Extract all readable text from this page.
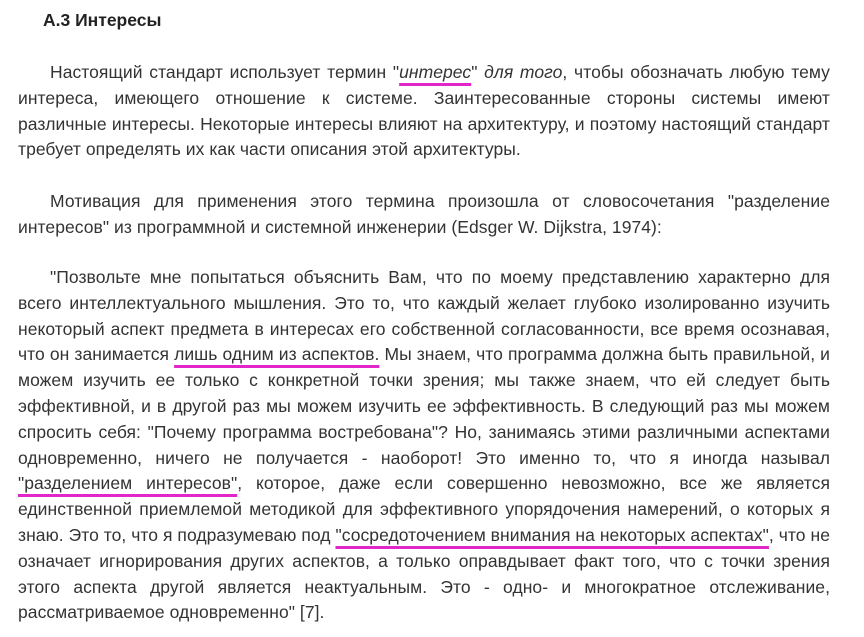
А.3 Интересы

Настоящий стандарт использует термин "интерес" для того, чтобы обозначать любую тему интереса, имеющего отношение к системе. Заинтересованные стороны системы имеют различные интересы. Некоторые интересы влияют на архитектуру, и поэтому настоящий стандарт требует определять их как части описания этой архитектуры.

Мотивация для применения этого термина произошла от словосочетания "разделение интересов" из программной и системной инженерии (Edsger W. Dijkstra, 1974):

"Позвольте мне попытаться объяснить Вам, что по моему представлению характерно для всего интеллектуального мышления. Это то, что каждый желает глубоко изолированно изучить некоторый аспект предмета в интересах его собственной согласованности, все время осознавая, что он занимается лишь одним из аспектов. Мы знаем, что программа должна быть правильной, и можем изучить ее только с конкретной точки зрения; мы также знаем, что ей следует быть эффективной, и в другой раз мы можем изучить ее эффективность. В следующий раз мы можем спросить себя: "Почему программа востребована"? Но, занимаясь этими различными аспектами одновременно, ничего не получается - наоборот! Это именно то, что я иногда называл "разделением интересов", которое, даже если совершенно невозможно, все же является единственной приемлемой методикой для эффективного упорядочения намерений, о которых я знаю. Это то, что я подразумеваю под "сосредоточением внимания на некоторых аспектах", что не означает игнорирования других аспектов, а только оправдывает факт того, что с точки зрения этого аспекта другой является неактуальным. Это - одно- и многократное отслеживание, рассматриваемое одновременно" [7].
